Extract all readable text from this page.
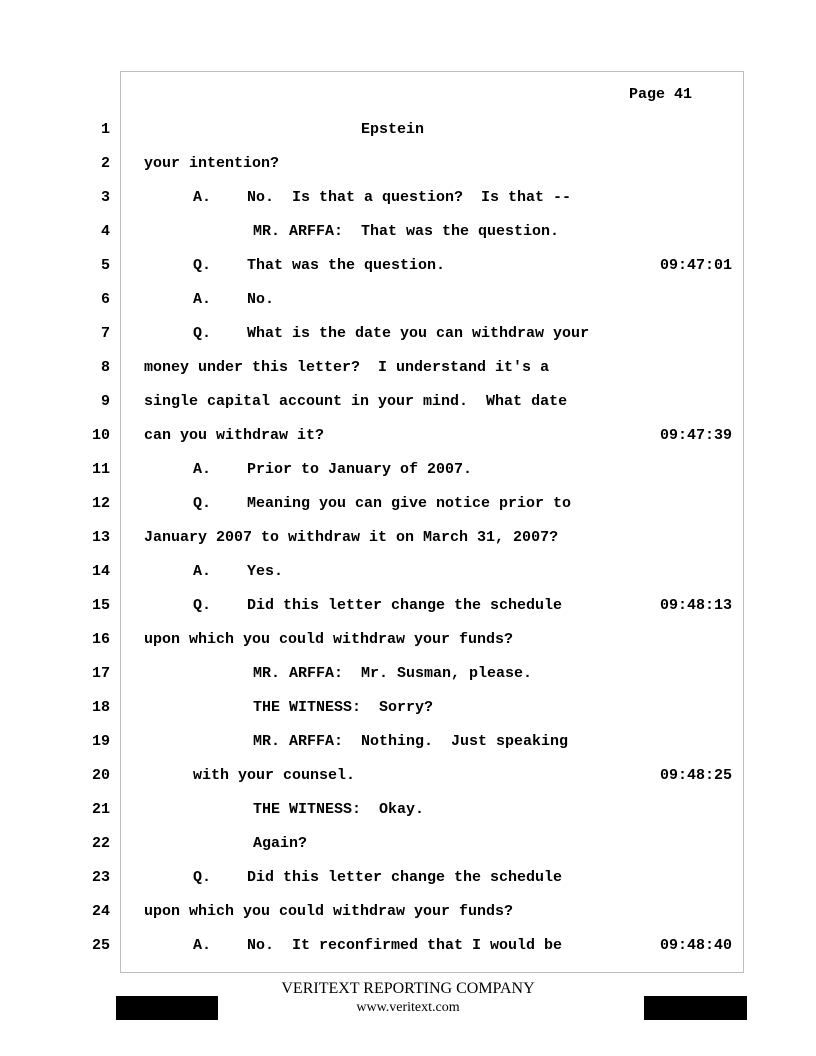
Page 41
1	Epstein
2 your intention?
3	A.    No.  Is that a question?  Is that --
4	MR. ARFFA:  That was the question.
5	Q.    That was the question.	09:47:01
6	A.    No.
7	Q.    What is the date you can withdraw your
8 money under this letter?  I understand it's a
9 single capital account in your mind.  What date
10 can you withdraw it?	09:47:39
11	A.    Prior to January of 2007.
12	Q.    Meaning you can give notice prior to
13 January 2007 to withdraw it on March 31, 2007?
14	A.    Yes.
15	Q.    Did this letter change the schedule	09:48:13
16 upon which you could withdraw your funds?
17	MR. ARFFA:  Mr. Susman, please.
18	THE WITNESS:  Sorry?
19	MR. ARFFA:  Nothing.  Just speaking
20	with your counsel.	09:48:25
21	THE WITNESS:  Okay.
22	Again?
23	Q.    Did this letter change the schedule
24 upon which you could withdraw your funds?
25	A.    No.  It reconfirmed that I would be	09:48:40
VERITEXT REPORTING COMPANY
www.veritext.com
